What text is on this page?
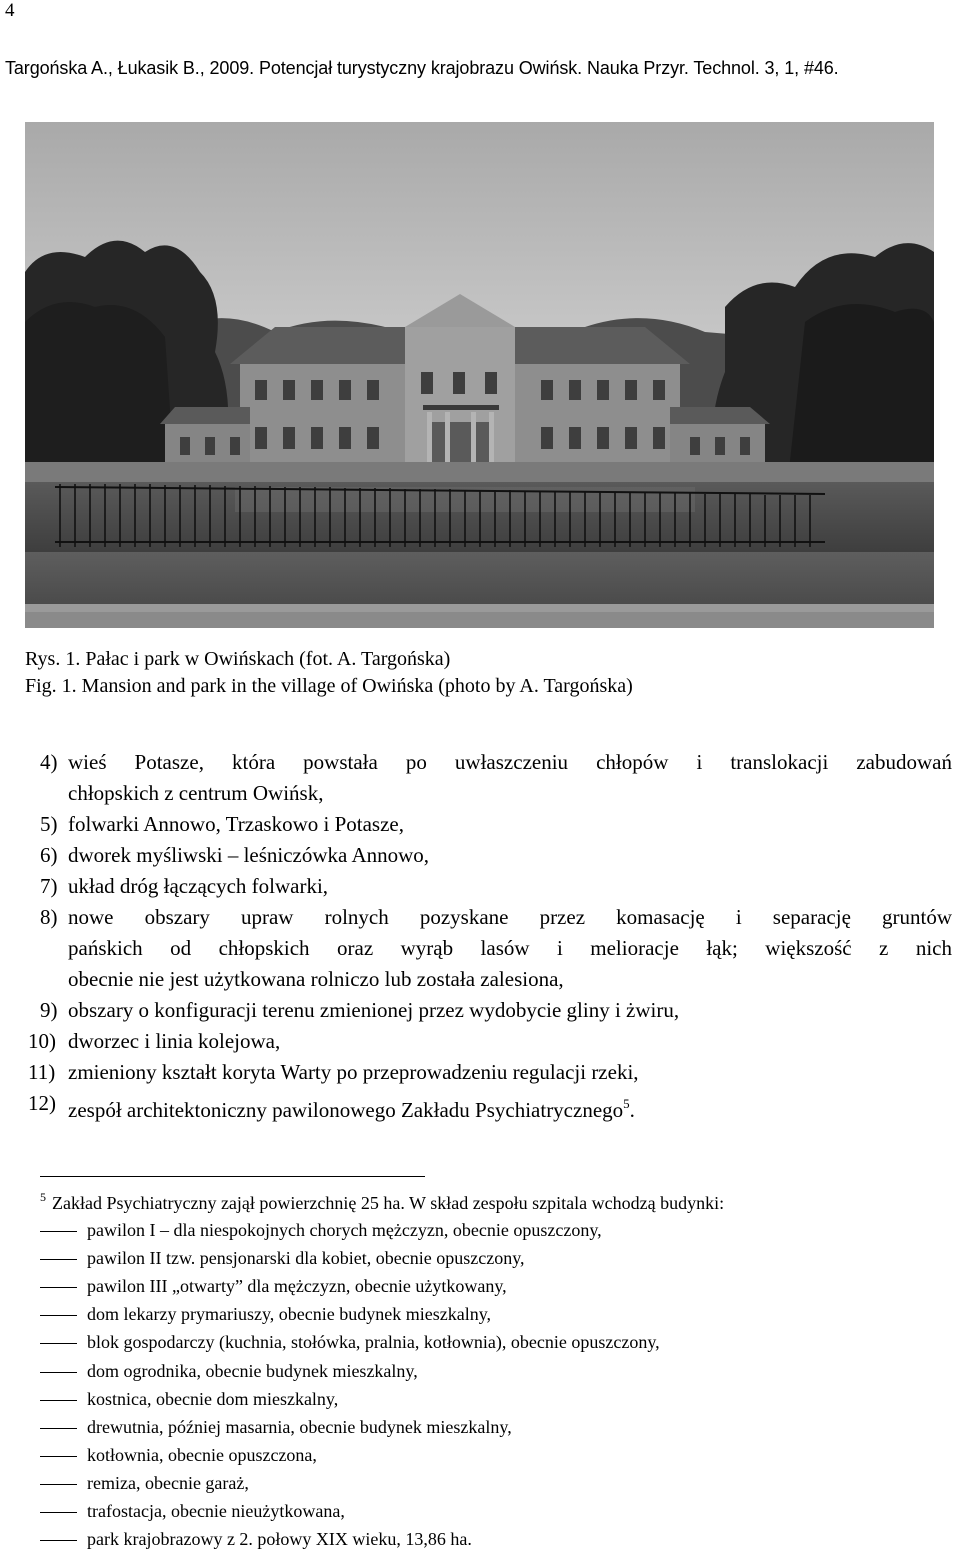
4
Targońska A., Łukasik B., 2009. Potencjał turystyczny krajobrazu Owińsk. Nauka Przyr. Technol. 3, 1, #46.
Rys. 1. Pałac i park w Owińskach (fot. A. Targońska)
Fig. 1. Mansion and park in the village of Owińska (photo by A. Targońska)
4) wieś Potasze, która powstała po uwłaszczeniu chłopów i translokacji zabudowań
chłopskich z centrum Owińsk,
5) folwarki Annowo, Trzaskowo i Potasze,
6) dworek myśliwski – leśniczówka Annowo,
7) układ dróg łączących folwarki,
8) nowe obszary upraw rolnych pozyskane przez komasację i separację gruntów
pańskich od chłopskich oraz wyrąb lasów i melioracje łąk; większość z nich
obecnie nie jest użytkowana rolniczo lub została zalesiona,
9) obszary o konfiguracji terenu zmienionej przez wydobycie gliny i żwiru,
10) dworzec i linia kolejowa,
11) zmieniony kształt koryta Warty po przeprowadzeniu regulacji rzeki,
12) zespół architektoniczny pawilonowego Zakładu Psychiatrycznego$^5$.
$^5$ Zakład Psychiatryczny zajął powierzchnię 25 ha. W skład zespołu szpitala wchodzą budynki:
pawilon I – dla niespokojnych chorych mężczyzn, obecnie opuszczony,
pawilon II tzw. pensjonarski dla kobiet, obecnie opuszczony,
pawilon III „otwarty” dla mężczyzn, obecnie użytkowany,
dom lekarzy prymariuszy, obecnie budynek mieszkalny,
blok gospodarczy (kuchnia, stołówka, pralnia, kotłownia), obecnie opuszczony,
dom ogrodnika, obecnie budynek mieszkalny,
kostnica, obecnie dom mieszkalny,
drewutnia, później masarnia, obecnie budynek mieszkalny,
kotłownia, obecnie opuszczona,
remiza, obecnie garaż,
trafostacja, obecnie nieużytkowana,
park krajobrazowy z 2. połowy XIX wieku, 13,86 ha.
